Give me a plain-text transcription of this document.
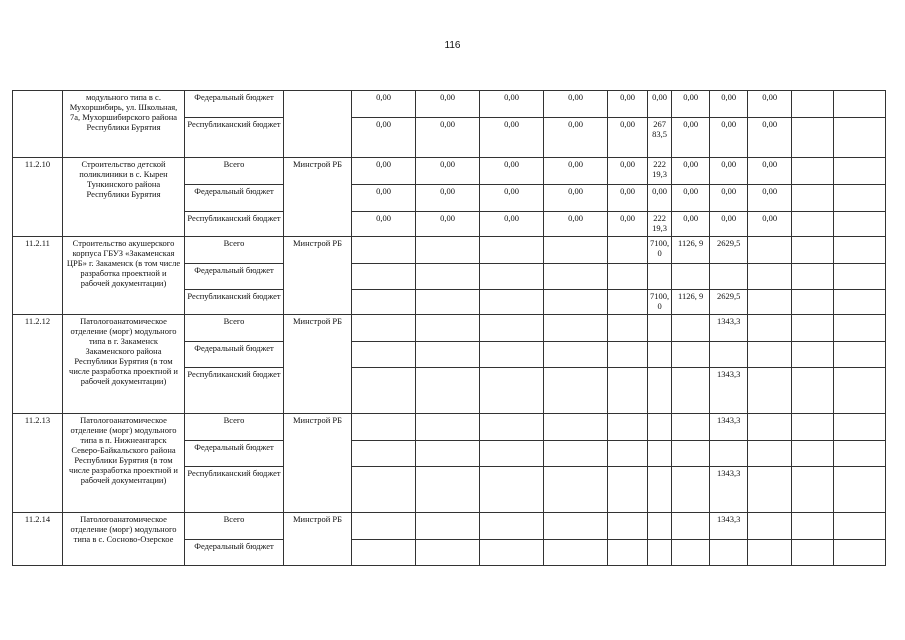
116
	модульного типа в с. Мухоршибирь, ул. Школьная, 7а, Мухоршибирского района Республики Бурятия	Федеральный бюджет		0,00	0,00	0,00	0,00	0,00	0,00	0,00	0,00	0,00		
		Республиканский бюджет		0,00	0,00	0,00	0,00	0,00	267 83,5	0,00	0,00	0,00		
11.2.10	Строительство детской поликлиники в с. Кырен Тункинского района Республики Бурятия	Всего	Минстрой РБ	0,00	0,00	0,00	0,00	0,00	222 19,3	0,00	0,00	0,00		
		Федеральный бюджет		0,00	0,00	0,00	0,00	0,00	0,00	0,00	0,00	0,00		
		Республиканский бюджет		0,00	0,00	0,00	0,00	0,00	222 19,3	0,00	0,00	0,00		
11.2.11	Строительство акушерского корпуса ГБУЗ «Закаменская ЦРБ» г. Закаменск (в том числе разработка проектной и рабочей документации)	Всего	Минстрой РБ						7100, 0	1126, 9	2629,5			
		Федеральный бюджет												
		Республиканский бюджет							7100, 0	1126, 9	2629,5			
11.2.12	Патологоанатомическое отделение (морг) модульного типа в г. Закаменск Закаменского района Республики Бурятия (в том числе разработка проектной и рабочей документации)	Всего	Минстрой РБ								1343,3			
		Федеральный бюджет												
		Республиканский бюджет									1343,3			
11.2.13	Патологоанатомическое отделение (морг) модульного типа в п. Нижнеангарск Северо-Байкальского района Республики Бурятия (в том числе разработка проектной и рабочей документации)	Всего	Минстрой РБ								1343,3			
		Федеральный бюджет												
		Республиканский бюджет									1343,3			
11.2.14	Патологоанатомическое отделение (морг) модульного типа в с. Сосново-Озерское	Всего	Минстрой РБ								1343,3			
		Федеральный бюджет												
